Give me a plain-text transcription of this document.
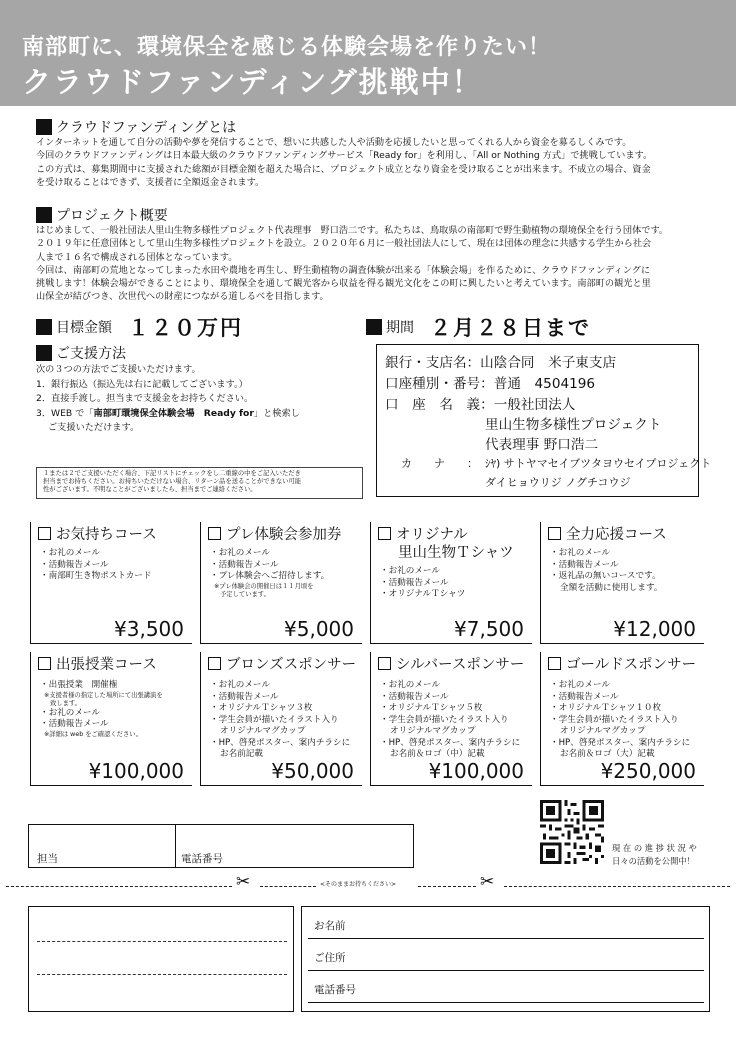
南部町に、環境保全を感じる体験会場を作りたい！
クラウドファンディング挑戦中！
クラウドファンディングとは
インターネットを通して自分の活動や夢を発信することで、想いに共感した人や活動を応援したいと思ってくれる人から資金を募るしくみです。
今回のクラウドファンディングは日本最大級のクラウドファンディングサービス「Ready for」を利用し、「All or Nothing 方式」で挑戦しています。
この方式は、募集期間中に支援された総額が目標金額を超えた場合に、プロジェクト成立となり資金を受け取ることが出来ます。不成立の場合、資金
を受け取ることはできず、支援者に全額返金されます。
プロジェクト概要
はじめまして、一般社団法人里山生物多様性プロジェクト代表理事　野口浩二です。私たちは、鳥取県の南部町で野生動植物の環境保全を行う団体です。
２０１９年に任意団体として里山生物多様性プロジェクトを設立。２０２０年６月に一般社団法人にして、現在は団体の理念に共感する学生から社会
人まで１６名で構成される団体となっています。
今回は、南部町の荒地となってしまった水田や農地を再生し、野生動植物の調査体験が出来る「体験会場」を作るために、クラウドファンディングに
挑戦します！体験会場ができることにより、環境保全を通して観光客から収益を得る観光文化をこの町に興したいと考えています。南部町の観光と里
山保全が結びつき、次世代への財産につながる道しるべを目指します。
目標金額 １２０万円	期間 ２月２８日まで
ご支援方法
次の３つの方法でご支援いただけます。
1．銀行振込（振込先は右に記載してございます。）
2．直接手渡し。担当まで支援金をお持ちください。
3．WEB で「南部町環境保全体験会場　Ready for」と検索し
ご支援いただけます。
銀行・支店名：山陰合同　米子東支店
口座種別・番号：普通　4504196
口　座　名　義：一般社団法人
里山生物多様性プロジェクト
代表理事 野口浩二
カ　　ナ　　： ｼﾔ) サトヤマセイブツタヨウセイプロジェクト
ダイヒョウリジ ノグチコウジ
１または２でご支援いただく場合、下記リストにチェックをし二重線の中をご記入いただき
担当までお持ちください。お持ちいただけない場合、リターン品を送ることができない可能
性がございます。不明なことがございましたら、担当までご連絡ください。
お気持ちコース
・お礼のメール
・活動報告メール
・南部町生き物ポストカード
¥3,500
プレ体験会参加券
・お礼のメール
・活動報告メール
・プレ体験会へご招待します。
※プレ体験会の開催日は１１月頃を
予定しています。
¥5,000
オリジナル
里山生物Ｔシャツ
・お礼のメール
・活動報告メール
・オリジナルＴシャツ
¥7,500
全力応援コース
・お礼のメール
・活動報告メール
・返礼品の無いコースです。
全額を活動に使用します。
¥12,000
出張授業コース
・出張授業　開催権
※支援者様の指定した場所にて出張講演を
致します。
・お礼のメール
・活動報告メール
※詳細は web をご確認ください。
¥100,000
ブロンズスポンサー
・お礼のメール
・活動報告メール
・オリジナルＴシャツ３枚
・学生会員が描いたイラスト入り
オリジナルマグカップ
・HP、啓発ポスター、案内チラシに
お名前記載
¥50,000
シルバースポンサー
・お礼のメール
・活動報告メール
・オリジナルＴシャツ５枚
・学生会員が描いたイラスト入り
オリジナルマグカップ
・HP、啓発ポスター、案内チラシに
お名前＆ロゴ（中）記載
¥100,000
ゴールドスポンサー
・お礼のメール
・活動報告メール
・オリジナルＴシャツ１０枚
・学生会員が描いたイラスト入り
オリジナルマグカップ
・HP、啓発ポスター、案内チラシに
お名前＆ロゴ（大）記載
¥250,000
担当	電話番号
現 在 の 進 捗 状 況 や
日々の活動を公開中！
✂	<そのままお持ちください>	✂
お名前
ご住所
電話番号
